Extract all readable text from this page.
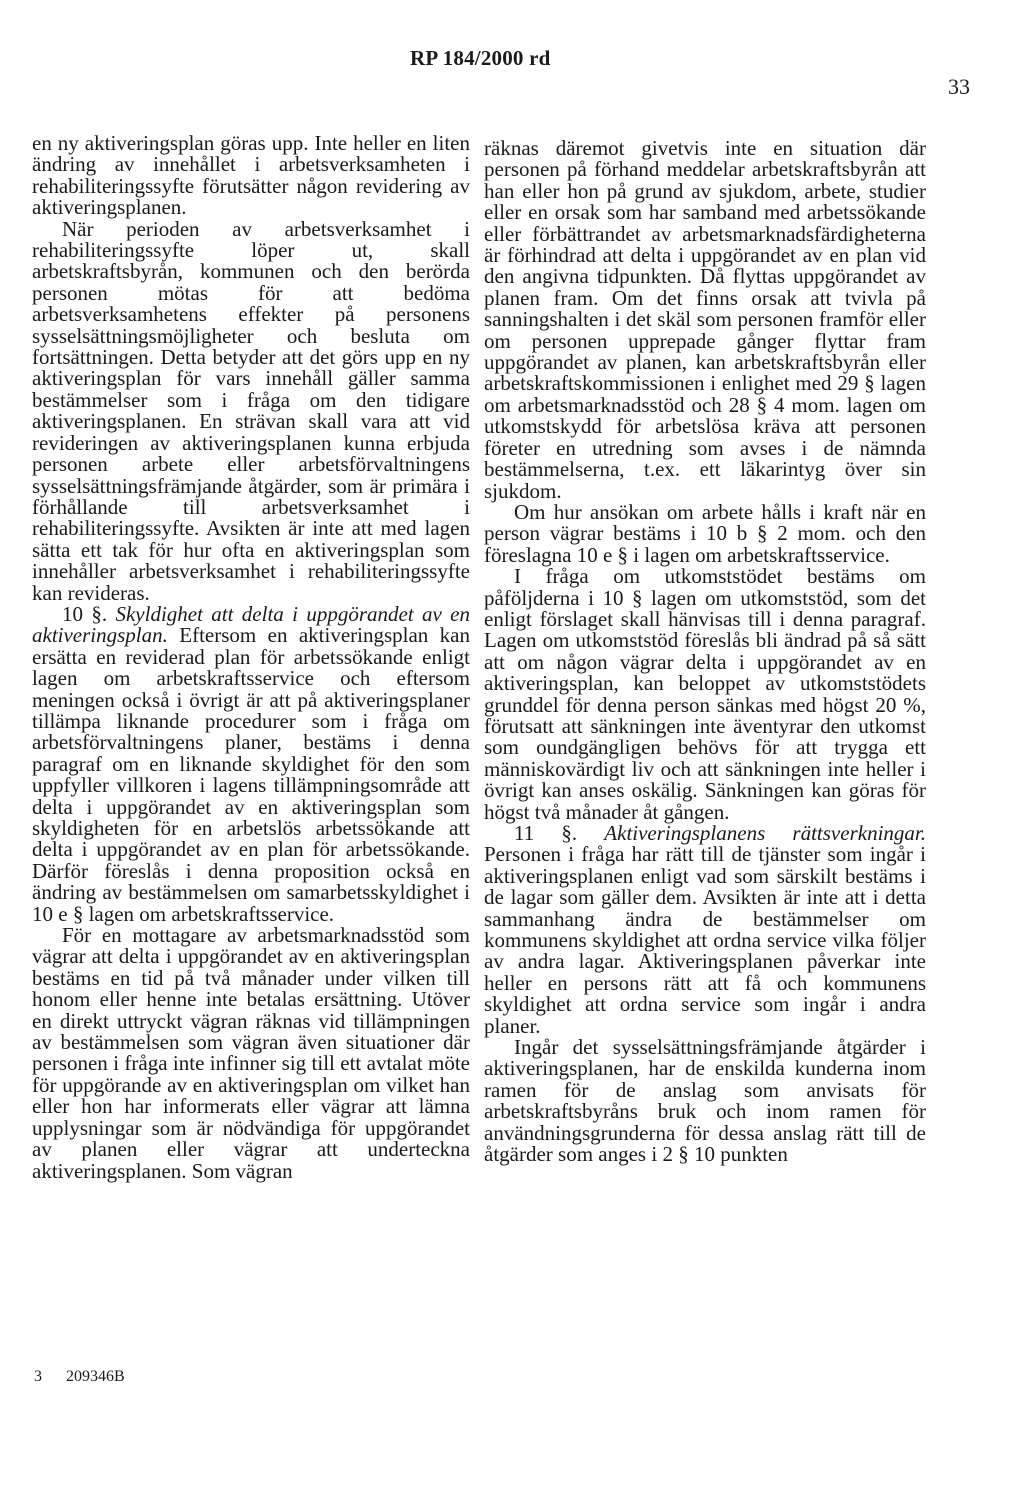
RP 184/2000 rd
33

en ny aktiveringsplan göras upp. Inte heller en liten ändring av innehållet i arbetsverksamheten i rehabiliteringssyfte förutsätter någon revidering av aktiveringsplanen.

När perioden av arbetsverksamhet i rehabiliteringssyfte löper ut, skall arbetskraftsbyrån, kommunen och den berörda personen mötas för att bedöma arbetsverksamhetens effekter på personens sysselsättningsmöjligheter och besluta om fortsättningen. Detta betyder att det görs upp en ny aktiveringsplan för vars innehåll gäller samma bestämmelser som i fråga om den tidigare aktiveringsplanen. En strävan skall vara att vid revideringen av aktiveringsplanen kunna erbjuda personen arbete eller arbetsförvaltningens sysselsättningsfrämjande åtgärder, som är primära i förhållande till arbetsverksamhet i rehabiliteringssyfte. Avsikten är inte att med lagen sätta ett tak för hur ofta en aktiveringsplan som innehåller arbetsverksamhet i rehabiliteringssyfte kan revideras.

10 §. Skyldighet att delta i uppgörandet av en aktiveringsplan. Eftersom en aktiveringsplan kan ersätta en reviderad plan för arbetssökande enligt lagen om arbetskraftsservice och eftersom meningen också i övrigt är att på aktiveringsplaner tillämpa liknande procedurer som i fråga om arbetsförvaltningens planer, bestäms i denna paragraf om en liknande skyldighet för den som uppfyller villkoren i lagens tillämpningsområde att delta i uppgörandet av en aktiveringsplan som skyldigheten för en arbetslös arbetssökande att delta i uppgörandet av en plan för arbetssökande. Därför föreslås i denna proposition också en ändring av bestämmelsen om samarbetsskyldighet i 10 e § lagen om arbetskraftsservice.

För en mottagare av arbetsmarknadsstöd som vägrar att delta i uppgörandet av en aktiveringsplan bestäms en tid på två månader under vilken till honom eller henne inte betalas ersättning. Utöver en direkt uttryckt vägran räknas vid tillämpningen av bestämmelsen som vägran även situationer där personen i fråga inte infinner sig till ett avtalat möte för uppgörande av en aktiveringsplan om vilket han eller hon har informerats eller vägrar att lämna upplysningar som är nödvändiga för uppgörandet av planen eller vägrar att underteckna aktiveringsplanen. Som vägran

räknas däremot givetvis inte en situation där personen på förhand meddelar arbetskraftsbyrån att han eller hon på grund av sjukdom, arbete, studier eller en orsak som har samband med arbetssökande eller förbättrandet av arbetsmarknadsfärdigheterna är förhindrad att delta i uppgörandet av en plan vid den angivna tidpunkten. Då flyttas uppgörandet av planen fram. Om det finns orsak att tvivla på sanningshalten i det skäl som personen framför eller om personen upprepade gånger flyttar fram uppgörandet av planen, kan arbetskraftsbyrån eller arbetskraftskommissionen i enlighet med 29 § lagen om arbetsmarknadsstöd och 28 § 4 mom. lagen om utkomstskydd för arbetslösa kräva att personen företer en utredning som avses i de nämnda bestämmelserna, t.ex. ett läkarintyg över sin sjukdom.

Om hur ansökan om arbete hålls i kraft när en person vägrar bestäms i 10 b § 2 mom. och den föreslagna 10 e § i lagen om arbetskraftsservice.

I fråga om utkomststödet bestäms om påföljderna i 10 § lagen om utkomststöd, som det enligt förslaget skall hänvisas till i denna paragraf. Lagen om utkomststöd föreslås bli ändrad på så sätt att om någon vägrar delta i uppgörandet av en aktiveringsplan, kan beloppet av utkomststödets grunddel för denna person sänkas med högst 20 %, förutsatt att sänkningen inte äventyrar den utkomst som oundgängligen behövs för att trygga ett människovärdigt liv och att sänkningen inte heller i övrigt kan anses oskälig. Sänkningen kan göras för högst två månader åt gången.

11 §. Aktiveringsplanens rättsverkningar. Personen i fråga har rätt till de tjänster som ingår i aktiveringsplanen enligt vad som särskilt bestäms i de lagar som gäller dem. Avsikten är inte att i detta sammanhang ändra de bestämmelser om kommunens skyldighet att ordna service vilka följer av andra lagar. Aktiveringsplanen påverkar inte heller en persons rätt att få och kommunens skyldighet att ordna service som ingår i andra planer.

Ingår det sysselsättningsfrämjande åtgärder i aktiveringsplanen, har de enskilda kunderna inom ramen för de anslag som anvisats för arbetskraftsbyråns bruk och inom ramen för användningsgrunderna för dessa anslag rätt till de åtgärder som anges i 2 § 10 punkten

3 209346B
